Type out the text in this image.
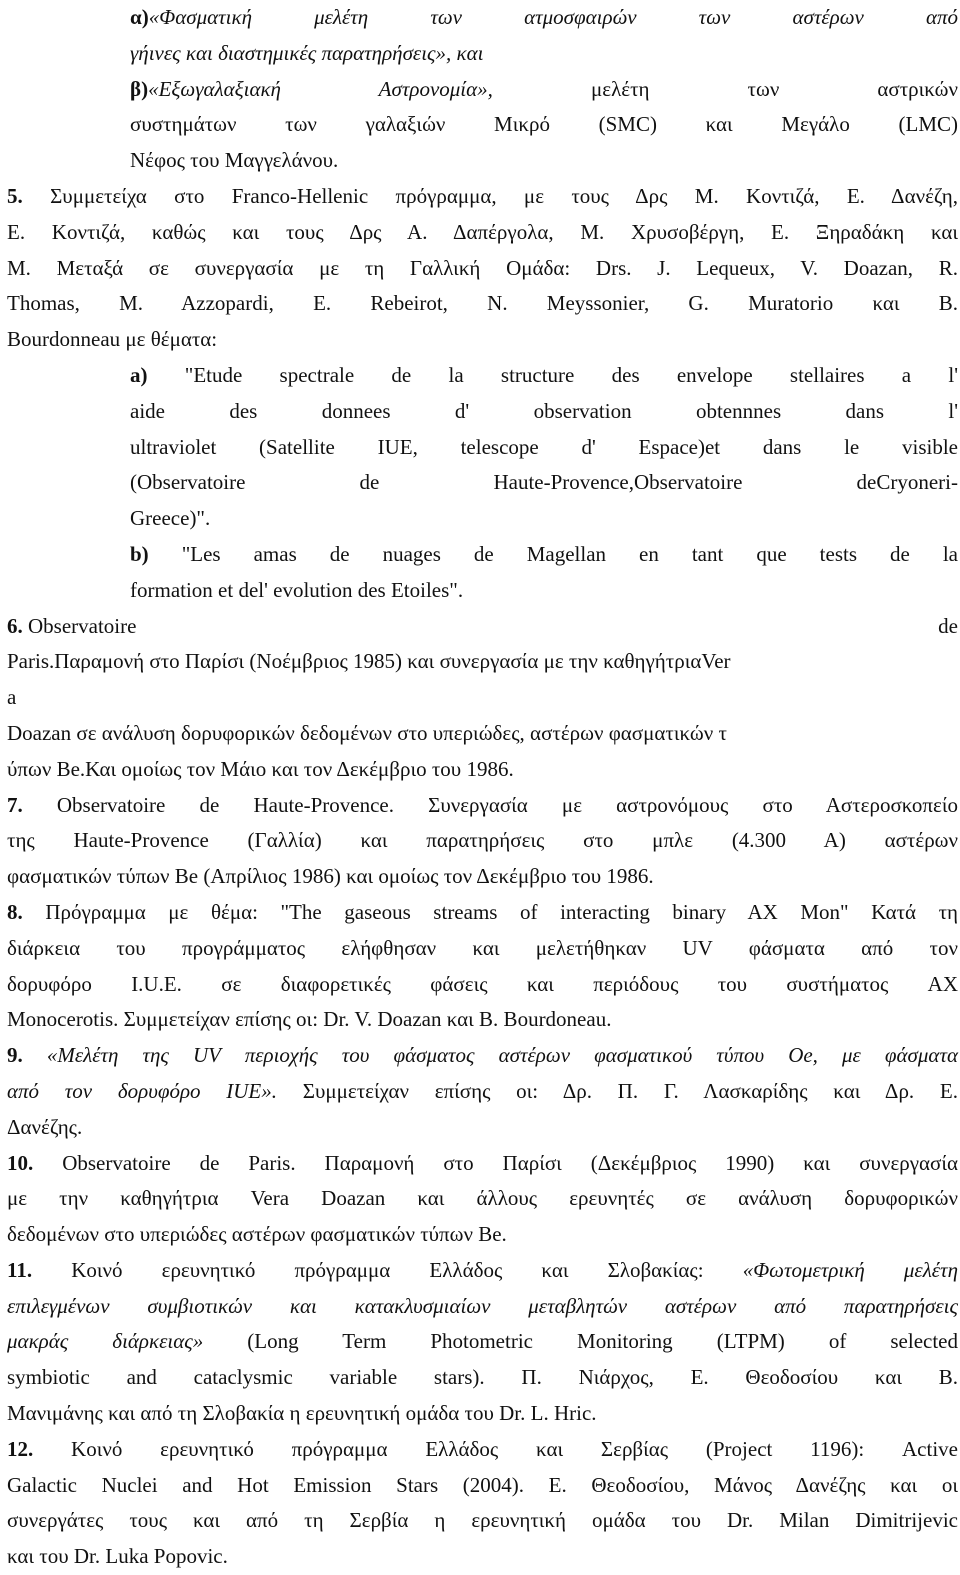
α)«Φασματική μελέτη των ατμοσφαιρών των αστέρων από
γήινες και διαστημικές παρατηρήσεις», και
β)«Εξωγαλαξιακή Αστρονομία», μελέτη των αστρικών
συστημάτων των γαλαξιών Μικρό (SMC) και Μεγάλο (LMC)
Νέφος του Μαγγελάνου.
5. Συμμετείχα στο Franco-Hellenic πρόγραμμα, με τους Δρς Μ. Κοντιζά, Ε. Δανέζη,
Ε. Κοντιζά, καθώς και τους Δρς Α. Δαπέργολα, Μ. Χρυσοβέργη, Ε. Ξηραδάκη και
Μ. Μεταξά σε συνεργασία με τη Γαλλική Ομάδα: Drs. J. Lequeux, V. Doazan, R.
Thomas, M. Azzopardi, E. Rebeirot, N. Meyssonier, G. Muratorio και B.
Bourdonneau με θέματα:
a) "Etude spectrale de la structure des envelope stellaires a l'
aide des donnees d' observation obtennnes dans l'
ultraviolet (Satellite IUE, telescope d' Espace)et dans le visible
(Observatoire de Haute-Provence,Observatoire deCryoneri-
Greece)".
b) "Les amas de nuages de Magellan en tant que tests de la
formation et del' evolution des Etoiles".
6. Observatoire	de
Paris.Παραμονή στο Παρίσι (Νοέμβριος 1985) και συνεργασία με την καθηγήτριαVer
a
Doazan σε ανάλυση δορυφορικών δεδομένων στο υπεριώδες, αστέρων φασματικών τ
ύπων Be.Και ομοίως τον Μάιο και τον Δεκέμβριο του 1986.
7. Observatoire de Haute-Provence. Συνεργασία με αστρονόμους στο Αστεροσκοπείο
της Haute-Provence (Γαλλία) και παρατηρήσεις στο μπλε (4.300 Α) αστέρων
φασματικών τύπων Be (Απρίλιος 1986) και ομοίως τον Δεκέμβριο του 1986.
8. Πρόγραμμα με θέμα: "The gaseous streams of interacting binary AX Mon" Κατά τη
διάρκεια του προγράμματος ελήφθησαν και μελετήθηκαν UV φάσματα από τον
δορυφόρο I.U.E. σε διαφορετικές φάσεις και περιόδους του συστήματος AX
Monocerotis. Συμμετείχαν επίσης οι: Dr. V. Doazan και B. Bourdoneau.
9. «Μελέτη της UV περιοχής του φάσματος αστέρων φασματικού τύπου Oe, με φάσματα
από τον δορυφόρο IUE». Συμμετείχαν επίσης οι: Δρ. Π. Γ. Λασκαρίδης και Δρ. Ε.
Δανέζης.
10. Observatoire de Paris. Παραμονή στο Παρίσι (Δεκέμβριος 1990) και συνεργασία
με την καθηγήτρια Vera Doazan και άλλους ερευνητές σε ανάλυση δορυφορικών
δεδομένων στο υπεριώδες αστέρων φασματικών τύπων Be.
11. Κοινό ερευνητικό πρόγραμμα Ελλάδος και Σλοβακίας: «Φωτομετρική μελέτη
επιλεγμένων συμβιοτικών και κατακλυσμιαίων μεταβλητών αστέρων από παρατηρήσεις
μακράς διάρκειας» (Long Term Photometric Monitoring (LTPM) of selected
symbiotic and cataclysmic variable stars). Π. Νιάρχος, Ε. Θεοδοσίου και Β.
Μανιμάνης και από τη Σλοβακία η ερευνητική ομάδα του Dr. L. Hric.
12. Κοινό ερευνητικό πρόγραμμα Ελλάδος και Σερβίας (Project 1196): Active
Galactic Nuclei and Hot Emission Stars (2004). Ε. Θεοδοσίου, Μάνος Δανέζης και οι
συνεργάτες τους και από τη Σερβία η ερευνητική ομάδα του Dr. Milan Dimitrijevic
και του Dr. Luka Popovic.
